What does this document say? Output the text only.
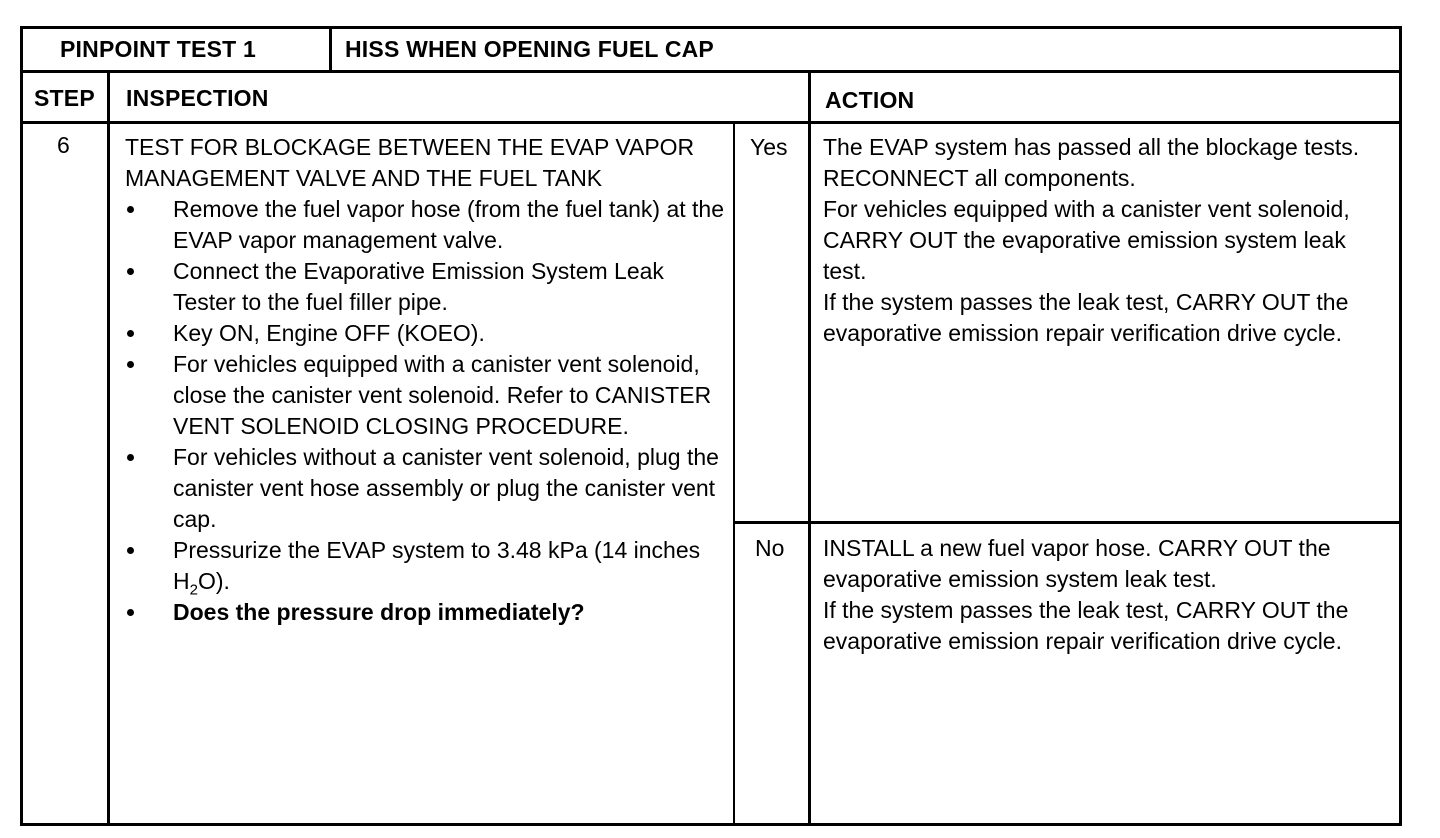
PINPOINT TEST 1	HISS WHEN OPENING FUEL CAP
STEP INSPECTION	ACTION
6 TEST FOR BLOCKAGE BETWEEN THE EVAP VAPOR MANAGEMENT VALVE AND THE FUEL TANK

Remove the fuel vapor hose (from the fuel tank) at the EVAP vapor management valve.
Connect the Evaporative Emission System Leak Tester to the fuel filler pipe.
Key ON, Engine OFF (KOEO).
For vehicles equipped with a canister vent solenoid, close the canister vent solenoid. Refer to CANISTER VENT SOLENOID CLOSING PROCEDURE.
For vehicles without a canister vent solenoid, plug the canister vent hose assembly or plug the canister vent cap.
Pressurize the EVAP system to 3.48 kPa (14 inches $H_2O$).
Does the pressure drop immediately?
Yes
No

The EVAP system has passed all the blockage tests. RECONNECT all components.

For vehicles equipped with a canister vent solenoid, CARRY OUT the evaporative emission system leak test.

If the system passes the leak test, CARRY OUT the evaporative emission repair verification drive cycle.

INSTALL a new fuel vapor hose. CARRY OUT the evaporative emission system leak test.

If the system passes the leak test, CARRY OUT the evaporative emission repair verification drive cycle.
